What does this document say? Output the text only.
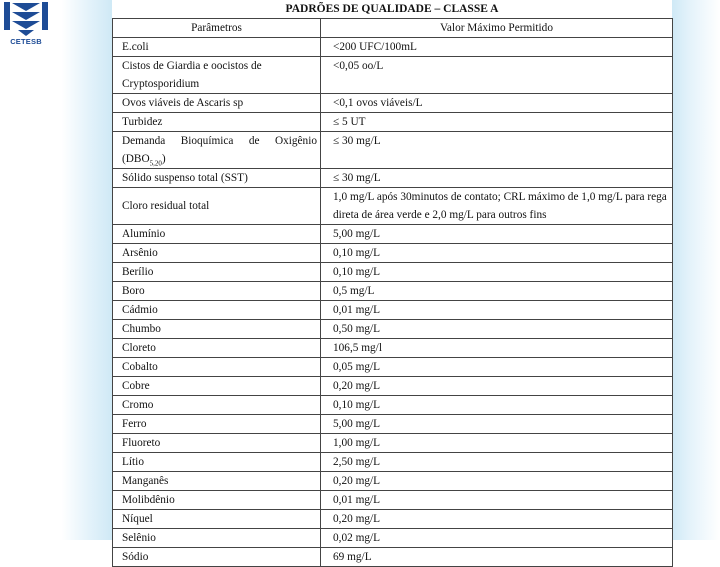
CETESB
PADRÕES DE QUALIDADE – CLASSE A
Parâmetros	Valor Máximo Permitido
E.coli	<200 UFC/100mL
Cistos de Giardia e oocistos de Cryptosporidium	<0,05 oo/L
Ovos viáveis de Ascaris sp	<0,1 ovos viáveis/L
Turbidez	≤ 5 UT
Demanda Bioquímica de Oxigênio $(DBO_{5,20})$	≤ 30 mg/L
Sólido suspenso total (SST)	≤ 30 mg/L
Cloro residual total	1,0 mg/L após 30minutos de contato; CRL máximo de 1,0 mg/L para rega direta de área verde e 2,0 mg/L para outros fins
Alumínio	5,00 mg/L
Arsênio	0,10 mg/L
Berílio	0,10 mg/L
Boro	0,5 mg/L
Cádmio	0,01 mg/L
Chumbo	0,50 mg/L
Cloreto	106,5 mg/l
Cobalto	0,05 mg/L
Cobre	0,20 mg/L
Cromo	0,10 mg/L
Ferro	5,00 mg/L
Fluoreto	1,00 mg/L
Lítio	2,50 mg/L
Manganês	0,20 mg/L
Molibdênio	0,01 mg/L
Níquel	0,20 mg/L
Selênio	0,02 mg/L
Sódio	69 mg/L
